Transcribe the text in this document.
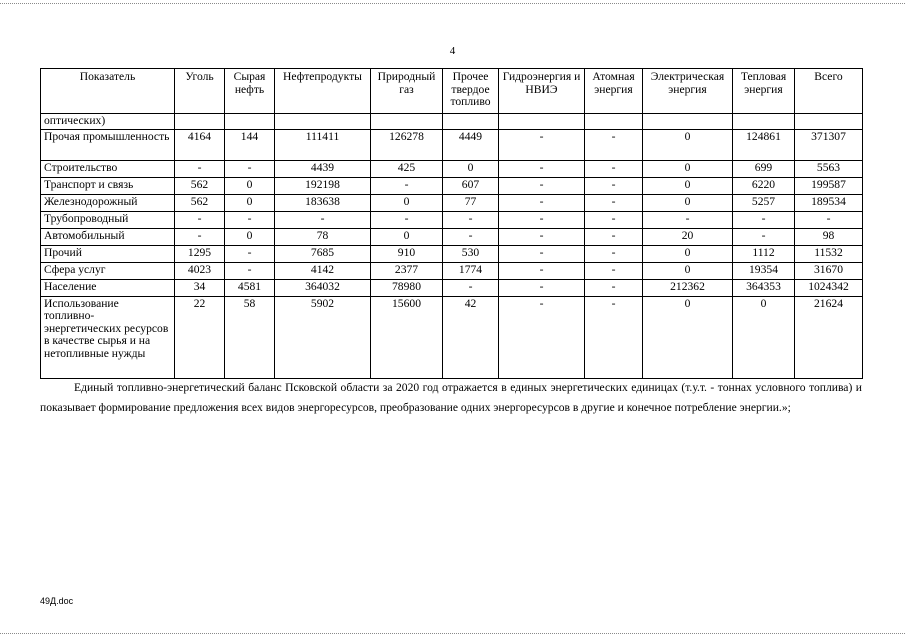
4
Показатель	Уголь	Сырая нефть	Нефтепродукты	Природный газ	Прочее твердое топливо	Гидроэнергия и НВИЭ	Атомная энергия	Электрическая энергия	Тепловая энергия	Всего
оптических)										
Прочая промышленность	4164	144	111411	126278	4449	-	-	0	124861	371307
Строительство	-	-	4439	425	0	-	-	0	699	5563
Транспорт и связь	562	0	192198	-	607	-	-	0	6220	199587
Железнодорожный	562	0	183638	0	77	-	-	0	5257	189534
Трубопроводный	-	-	-	-	-	-	-	-	-	-
Автомобильный	-	0	78	0	-	-	-	20	-	98
Прочий	1295	-	7685	910	530	-	-	0	1112	11532
Сфера услуг	4023	-	4142	2377	1774	-	-	0	19354	31670
Население	34	4581	364032	78980	-	-	-	212362	364353	1024342
Использование топливно-энергетических ресурсов в качестве сырья и на нетопливные нужды	22	58	5902	15600	42	-	-	0	0	21624

Единый топливно-энергетический баланс Псковской области за 2020 год отражается в единых энергетических единицах (т.у.т. - тоннах условного топлива) и показывает формирование предложения всех видов энергоресурсов, преобразование одних энергоресурсов в другие и конечное потребление энергии.»;

49Д.doc
